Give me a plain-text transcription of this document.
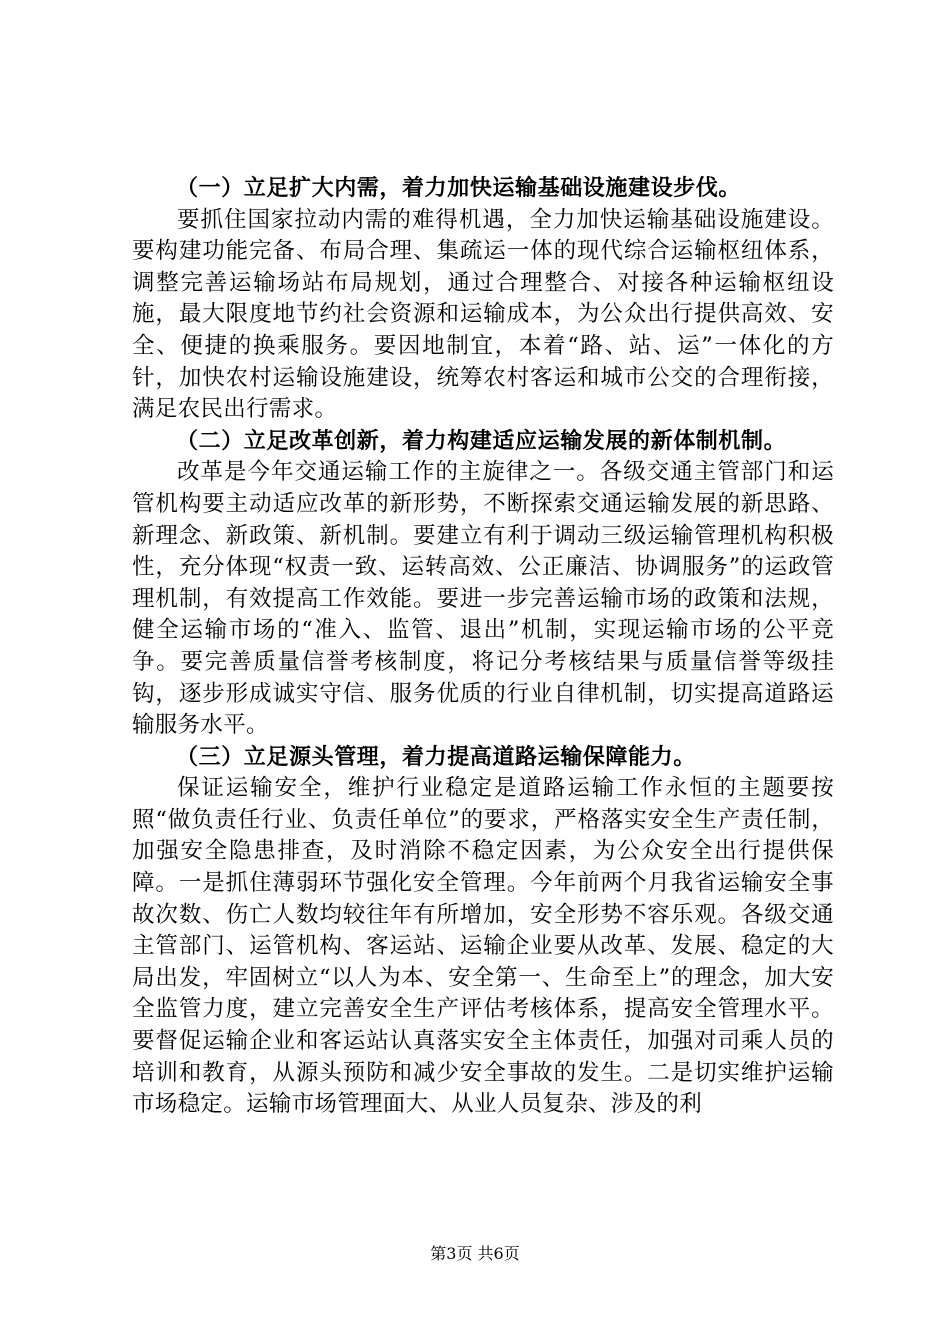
（一）立足扩大内需，着力加快运输基础设施建设步伐。

要抓住国家拉动内需的难得机遇，全力加快运输基础设施建设。要构建功能完备、布局合理、集疏运一体的现代综合运输枢纽体系，调整完善运输场站布局规划，通过合理整合、对接各种运输枢纽设施，最大限度地节约社会资源和运输成本，为公众出行提供高效、安全、便捷的换乘服务。要因地制宜，本着“路、站、运”一体化的方针，加快农村运输设施建设，统筹农村客运和城市公交的合理衔接，满足农民出行需求。

（二）立足改革创新，着力构建适应运输发展的新体制机制。

改革是今年交通运输工作的主旋律之一。各级交通主管部门和运管机构要主动适应改革的新形势，不断探索交通运输发展的新思路、新理念、新政策、新机制。要建立有利于调动三级运输管理机构积极性，充分体现“权责一致、运转高效、公正廉洁、协调服务”的运政管理机制，有效提高工作效能。要进一步完善运输市场的政策和法规，健全运输市场的“准入、监管、退出”机制，实现运输市场的公平竞争。要完善质量信誉考核制度，将记分考核结果与质量信誉等级挂钩，逐步形成诚实守信、服务优质的行业自律机制，切实提高道路运输服务水平。

（三）立足源头管理，着力提高道路运输保障能力。

保证运输安全，维护行业稳定是道路运输工作永恒的主题要按照“做负责任行业、负责任单位”的要求，严格落实安全生产责任制，加强安全隐患排查，及时消除不稳定因素，为公众安全出行提供保障。一是抓住薄弱环节强化安全管理。今年前两个月我省运输安全事故次数、伤亡人数均较往年有所增加，安全形势不容乐观。各级交通主管部门、运管机构、客运站、运输企业要从改革、发展、稳定的大局出发，牢固树立“以人为本、安全第一、生命至上”的理念，加大安全监管力度，建立完善安全生产评估考核体系，提高安全管理水平。要督促运输企业和客运站认真落实安全主体责任，加强对司乘人员的培训和教育，从源头预防和减少安全事故的发生。二是切实维护运输市场稳定。运输市场管理面大、从业人员复杂、涉及的利

第3页 共6页
